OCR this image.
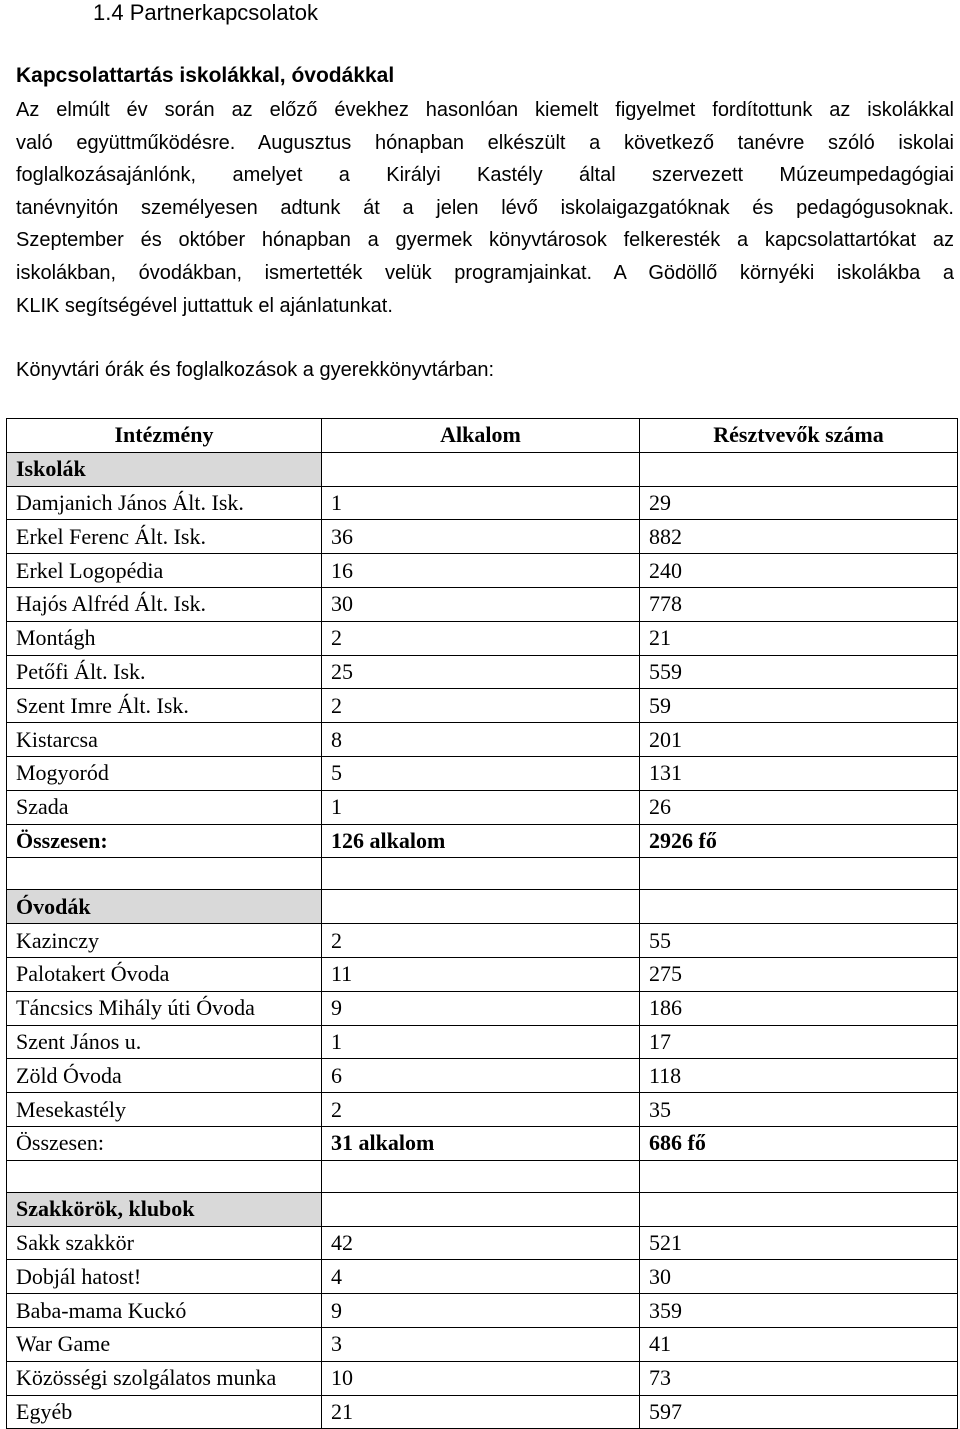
1.4 Partnerkapcsolatok
Kapcsolattartás iskolákkal, óvodákkal
Az elmúlt év során az előző évekhez hasonlóan kiemelt figyelmet fordítottunk az iskolákkal
való együttműködésre. Augusztus hónapban elkészült a következő tanévre szóló iskolai
foglalkozásajánlónk, amelyet a Királyi Kastély által szervezett Múzeumpedagógiai
tanévnyitón személyesen adtunk át a jelen lévő iskolaigazgatóknak és pedagógusoknak.
Szeptember és október hónapban a gyermek könyvtárosok felkeresték a kapcsolattartókat az
iskolákban, óvodákban, ismertették velük programjainkat. A Gödöllő környéki iskolákba a
KLIK segítségével juttattuk el ajánlatunkat.
Könyvtári órák és foglalkozások a gyerekkönyvtárban:
Intézmény	Alkalom	Résztvevők száma
Iskolák		
Damjanich János Ált. Isk.	1	29
Erkel Ferenc Ált. Isk.	36	882
Erkel Logopédia	16	240
Hajós Alfréd Ált. Isk.	30	778
Montágh	2	21
Petőfi Ált. Isk.	25	559
Szent Imre Ált. Isk.	2	59
Kistarcsa	8	201
Mogyoród	5	131
Szada	1	26
Összesen:	126 alkalom	2926 fő

Óvodák		
Kazinczy	2	55
Palotakert Óvoda	11	275
Táncsics Mihály úti Óvoda	9	186
Szent János u.	1	17
Zöld Óvoda	6	118
Mesekastély	2	35
Összesen:	31 alkalom	686 fő

Szakkörök, klubok		
Sakk szakkör	42	521
Dobjál hatost!	4	30
Baba-mama Kuckó	9	359
War Game	3	41
Közösségi szolgálatos munka	10	73
Egyéb	21	597
